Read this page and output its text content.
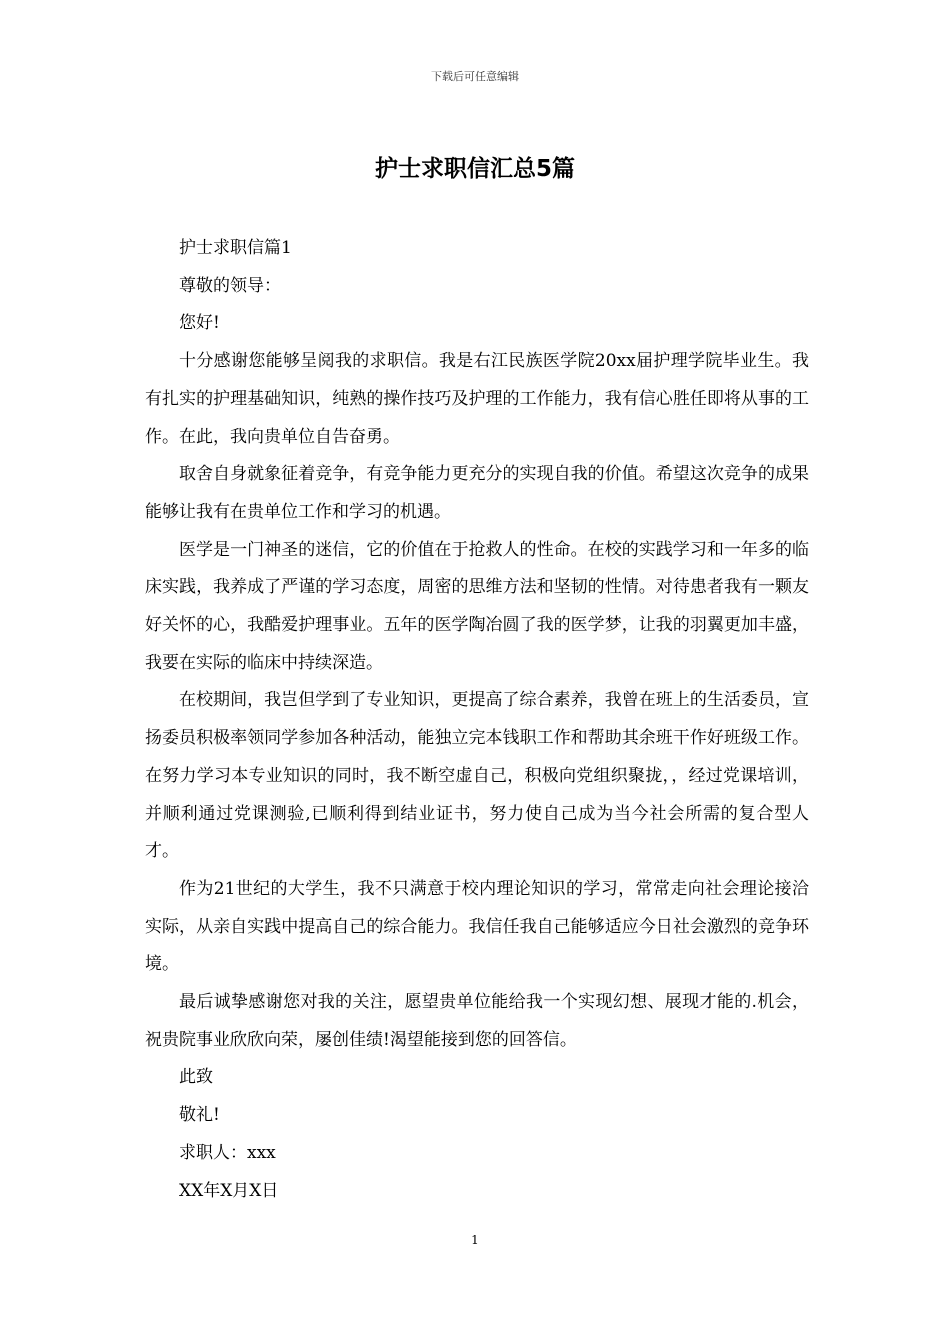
下载后可任意编辑
护士求职信汇总5篇

护士求职信篇1

尊敬的领导：

您好!

十分感谢您能够呈阅我的求职信。我是右江民族医学院20xx届护理学院毕业生。我有扎实的护理基础知识，纯熟的操作技巧及护理的工作能力，我有信心胜任即将从事的工作。在此，我向贵单位自告奋勇。

取舍自身就象征着竞争，有竞争能力更充分的实现自我的价值。希望这次竞争的成果能够让我有在贵单位工作和学习的机遇。

医学是一门神圣的迷信，它的价值在于抢救人的性命。在校的实践学习和一年多的临床实践，我养成了严谨的学习态度，周密的思维方法和坚韧的性情。对待患者我有一颗友好关怀的心，我酷爱护理事业。五年的医学陶冶圆了我的医学梦，让我的羽翼更加丰盛，我要在实际的临床中持续深造。

在校期间，我岂但学到了专业知识，更提高了综合素养，我曾在班上的生活委员，宣扬委员积极率领同学参加各种活动，能独立完本钱职工作和帮助其余班干作好班级工作。在努力学习本专业知识的同时，我不断空虚自己，积极向党组织聚拢，，经过党课培训，并顺利通过党课测验,已顺利得到结业证书，努力使自己成为当今社会所需的复合型人才。

作为21世纪的大学生，我不只满意于校内理论知识的学习，常常走向社会理论接洽实际，从亲自实践中提高自己的综合能力。我信任我自己能够适应今日社会激烈的竞争环境。

最后诚挚感谢您对我的关注，愿望贵单位能给我一个实现幻想、展现才能的.机会，祝贵院事业欣欣向荣，屡创佳绩!渴望能接到您的回答信。

此致

敬礼!

求职人：xxx

XX年X月X日

1
